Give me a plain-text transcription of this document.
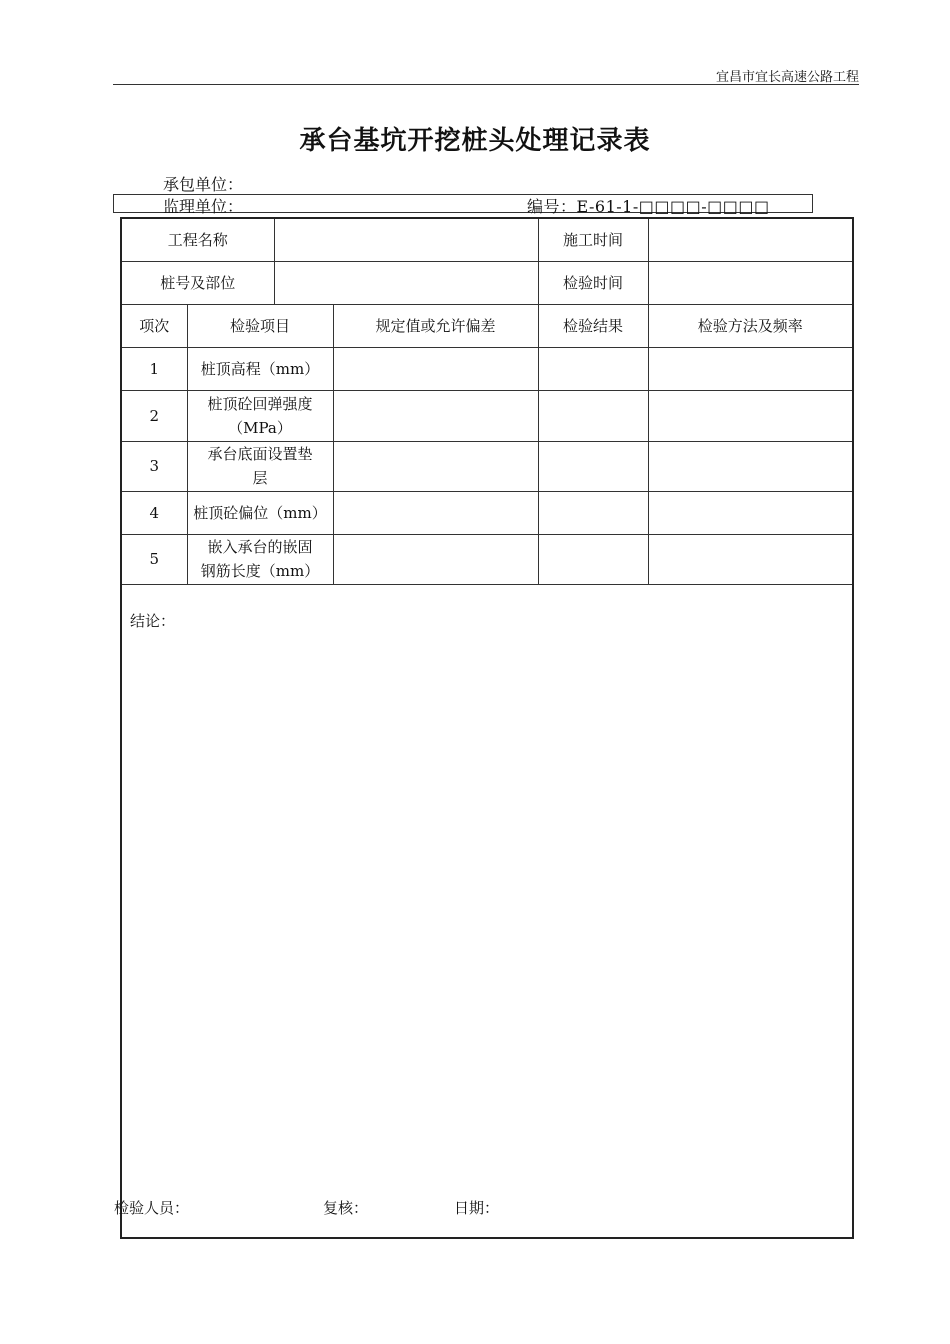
宜昌市宜长高速公路工程
承台基坑开挖桩头处理记录表
承包单位：
监理单位：	编号：E-61-1-□□□□-□□□□
工程名称				施工时间	
桩号及部位				检验时间	
项次	检验项目		规定值或允许偏差	检验结果	检验方法及频率
1	桩顶高程（mm）				

2	桩顶砼回弹强度
（MPa）				

3	承台底面设置垫
层				

4	桩顶砼偏位（mm）				

5	嵌入承台的嵌固
钢筋长度（mm）				

结论：					
检验人员：	复核：	日期：
